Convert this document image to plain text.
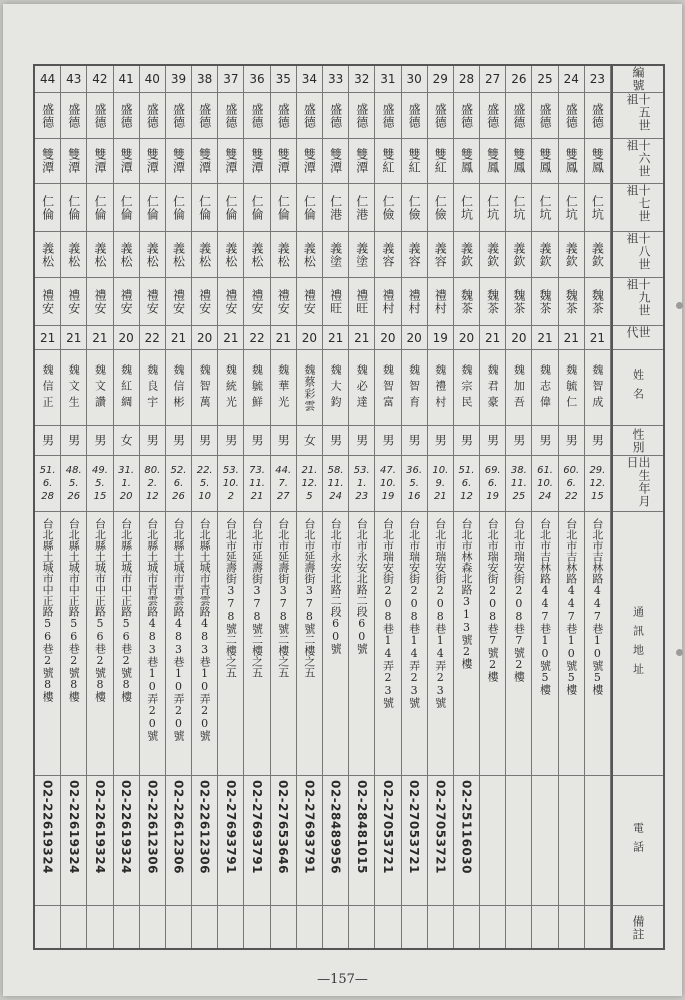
23
盛德
雙鳳
仁坑
義欽
魏茶
21
魏智成
男
29.
12.
15
台北市吉林路447巷10號5樓
24
盛德
雙鳳
仁坑
義欽
魏茶
21
魏毓仁
男
60.
6.
22
台北市吉林路447巷10號5樓
25
盛德
雙鳳
仁坑
義欽
魏茶
21
魏志偉
男
61.
10.
24
台北市吉林路447巷10號5樓
26
盛德
雙鳳
仁坑
義欽
魏茶
20
魏加吾
男
38.
11.
25
台北市瑞安街208巷7號2樓
27
盛德
雙鳳
仁坑
義欽
魏茶
21
魏君豪
男
69.
6.
19
台北市瑞安街208巷7號2樓
28
盛德
雙鳳
仁坑
義欽
魏茶
20
魏宗民
男
51.
6.
12
台北市林森北路313號2樓
02-25116030
29
盛德
雙紅
仁儉
義容
禮村
19
魏禮村
男
10.
9.
21
台北市瑞安街208巷14弄23號
02-27053721
30
盛德
雙紅
仁儉
義容
禮村
20
魏智育
男
36.
5.
16
台北市瑞安街208巷14弄23號
02-27053721
31
盛德
雙紅
仁儉
義容
禮村
20
魏智富
男
47.
10.
19
台北市瑞安街208巷14弄23號
02-27053721
32
盛德
雙潭
仁港
義塗
禮旺
21
魏必達
男
53.
1.
23
台北市永安北路二段60號
02-28481015
33
盛德
雙潭
仁港
義塗
禮旺
21
魏大鈞
男
58.
11.
24
台北市永安北路二段60號
02-28489956
34
盛德
雙潭
仁倫
義松
禮安
20
魏蔡彩雲
女
21.
12.
5
台北市延壽街378號二樓之五
02-27693791
35
盛德
雙潭
仁倫
義松
禮安
21
魏華光
男
44.
7.
27
台北市延壽街378號二樓之五
02-27653646
36
盛德
雙潭
仁倫
義松
禮安
22
魏毓鮮
男
73.
11.
21
台北市延壽街378號二樓之五
02-27693791
37
盛德
雙潭
仁倫
義松
禮安
21
魏統光
男
53.
10.
2
台北市延壽街378號二樓之五
02-27693791
38
盛德
雙潭
仁倫
義松
禮安
20
魏智萬
男
22.
5.
10
台北縣土城市青雲路483巷10弄20號
02-22612306
39
盛德
雙潭
仁倫
義松
禮安
21
魏信彬
男
52.
6.
26
台北縣土城市青雲路483巷10弄20號
02-22612306
40
盛德
雙潭
仁倫
義松
禮安
22
魏良宇
男
80.
2.
12
台北縣土城市青雲路483巷10弄20號
02-22612306
41
盛德
雙潭
仁倫
義松
禮安
20
魏紅綢
女
31.
1.
20
台北縣土城市中正路56巷2號8樓
02-22619324
42
盛德
雙潭
仁倫
義松
禮安
21
魏文讚
男
49.
5.
15
台北縣土城市中正路56巷2號8樓
02-22619324
43
盛德
雙潭
仁倫
義松
禮安
21
魏文生
男
48.
5.
26
台北縣土城市中正路56巷2號8樓
02-22619324
44
盛德
雙潭
仁倫
義松
禮安
21
魏信正
男
51.
6.
28
台北縣土城市中正路56巷2號8樓
02-22619324
編號
十五世祖
十六世祖
十七世祖
十八世祖
十九世祖
世代
姓名
性別
出生年月日
通訊地址
電話
備註
—157—
